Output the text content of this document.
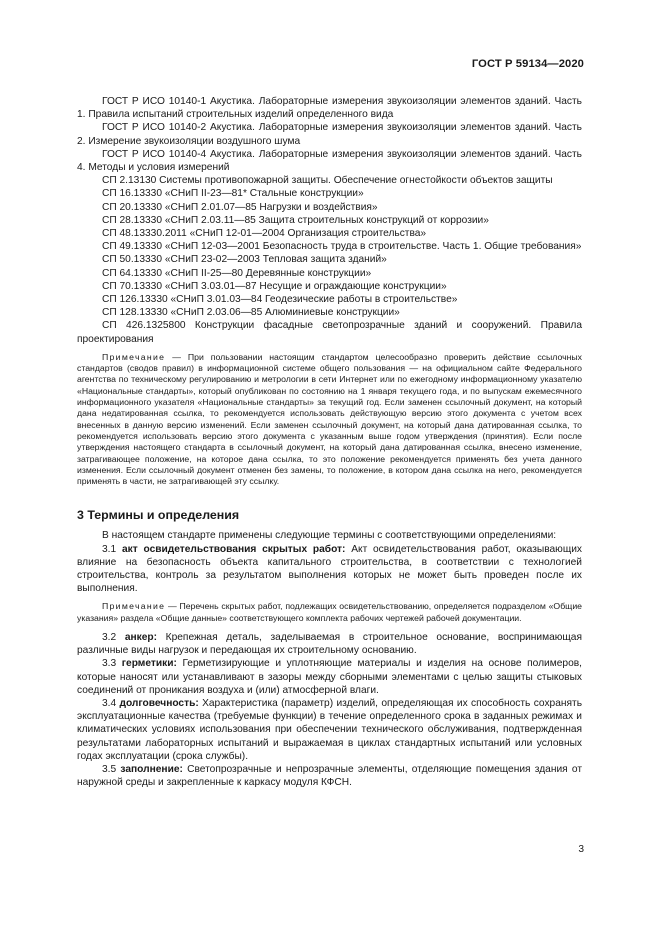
ГОСТ Р 59134—2020

ГОСТ Р ИСО 10140-1 Акустика. Лабораторные измерения звукоизоляции элементов зданий. Часть 1. Правила испытаний строительных изделий определенного вида

ГОСТ Р ИСО 10140-2 Акустика. Лабораторные измерения звукоизоляции элементов зданий. Часть 2. Измерение звукоизоляции воздушного шума

ГОСТ Р ИСО 10140-4 Акустика. Лабораторные измерения звукоизоляции элементов зданий. Часть 4. Методы и условия измерений

СП 2.13130 Системы противопожарной защиты. Обеспечение огнестойкости объектов защиты

СП 16.13330 «СНиП II-23—81* Стальные конструкции»

СП 20.13330 «СНиП 2.01.07—85 Нагрузки и воздействия»

СП 28.13330 «СНиП 2.03.11—85 Защита строительных конструкций от коррозии»

СП 48.13330.2011 «СНиП 12-01—2004 Организация строительства»

СП 49.13330 «СНиП 12-03—2001 Безопасность труда в строительстве. Часть 1. Общие требования»

СП 50.13330 «СНиП 23-02—2003 Тепловая защита зданий»

СП 64.13330 «СНиП II-25—80 Деревянные конструкции»

СП 70.13330 «СНиП 3.03.01—87 Несущие и ограждающие конструкции»

СП 126.13330 «СНиП 3.01.03—84 Геодезические работы в строительстве»

СП 128.13330 «СНиП 2.03.06—85 Алюминиевые конструкции»

СП 426.1325800 Конструкции фасадные светопрозрачные зданий и сооружений. Правила проектирования

Примечание — При пользовании настоящим стандартом целесообразно проверить действие ссылочных стандартов (сводов правил) в информационной системе общего пользования — на официальном сайте Федерального агентства по техническому регулированию и метрологии в сети Интернет или по ежегодному информационному указателю «Национальные стандарты», который опубликован по состоянию на 1 января текущего года, и по выпускам ежемесячного информационного указателя «Национальные стандарты» за текущий год. Если заменен ссылочный документ, на который дана недатированная ссылка, то рекомендуется использовать действующую версию этого документа с учетом всех внесенных в данную версию изменений. Если заменен ссылочный документ, на который дана датированная ссылка, то рекомендуется использовать версию этого документа с указанным выше годом утверждения (принятия). Если после утверждения настоящего стандарта в ссылочный документ, на который дана датированная ссылка, внесено изменение, затрагивающее положение, на которое дана ссылка, то это положение рекомендуется применять без учета данного изменения. Если ссылочный документ отменен без замены, то положение, в котором дана ссылка на него, рекомендуется применять в части, не затрагивающей эту ссылку.

3 Термины и определения

В настоящем стандарте применены следующие термины с соответствующими определениями:

3.1 акт освидетельствования скрытых работ: Акт освидетельствования работ, оказывающих влияние на безопасность объекта капитального строительства, в соответствии с технологией строительства, контроль за результатом выполнения которых не может быть проведен после их выполнения.

Примечание — Перечень скрытых работ, подлежащих освидетельствованию, определяется подразделом «Общие указания» раздела «Общие данные» соответствующего комплекта рабочих чертежей рабочей документации.

3.2 анкер: Крепежная деталь, заделываемая в строительное основание, воспринимающая различные виды нагрузок и передающая их строительному основанию.

3.3 герметики: Герметизирующие и уплотняющие материалы и изделия на основе полимеров, которые наносят или устанавливают в зазоры между сборными элементами с целью защиты стыковых соединений от проникания воздуха и (или) атмосферной влаги.

3.4 долговечность: Характеристика (параметр) изделий, определяющая их способность сохранять эксплуатационные качества (требуемые функции) в течение определенного срока в заданных режимах и климатических условиях использования при обеспечении технического обслуживания, подтвержденная результатами лабораторных испытаний и выражаемая в циклах стандартных испытаний или условных годах эксплуатации (срока службы).

3.5 заполнение: Светопрозрачные и непрозрачные элементы, отделяющие помещения здания от наружной среды и закрепленные к каркасу модуля КФСН.

3
